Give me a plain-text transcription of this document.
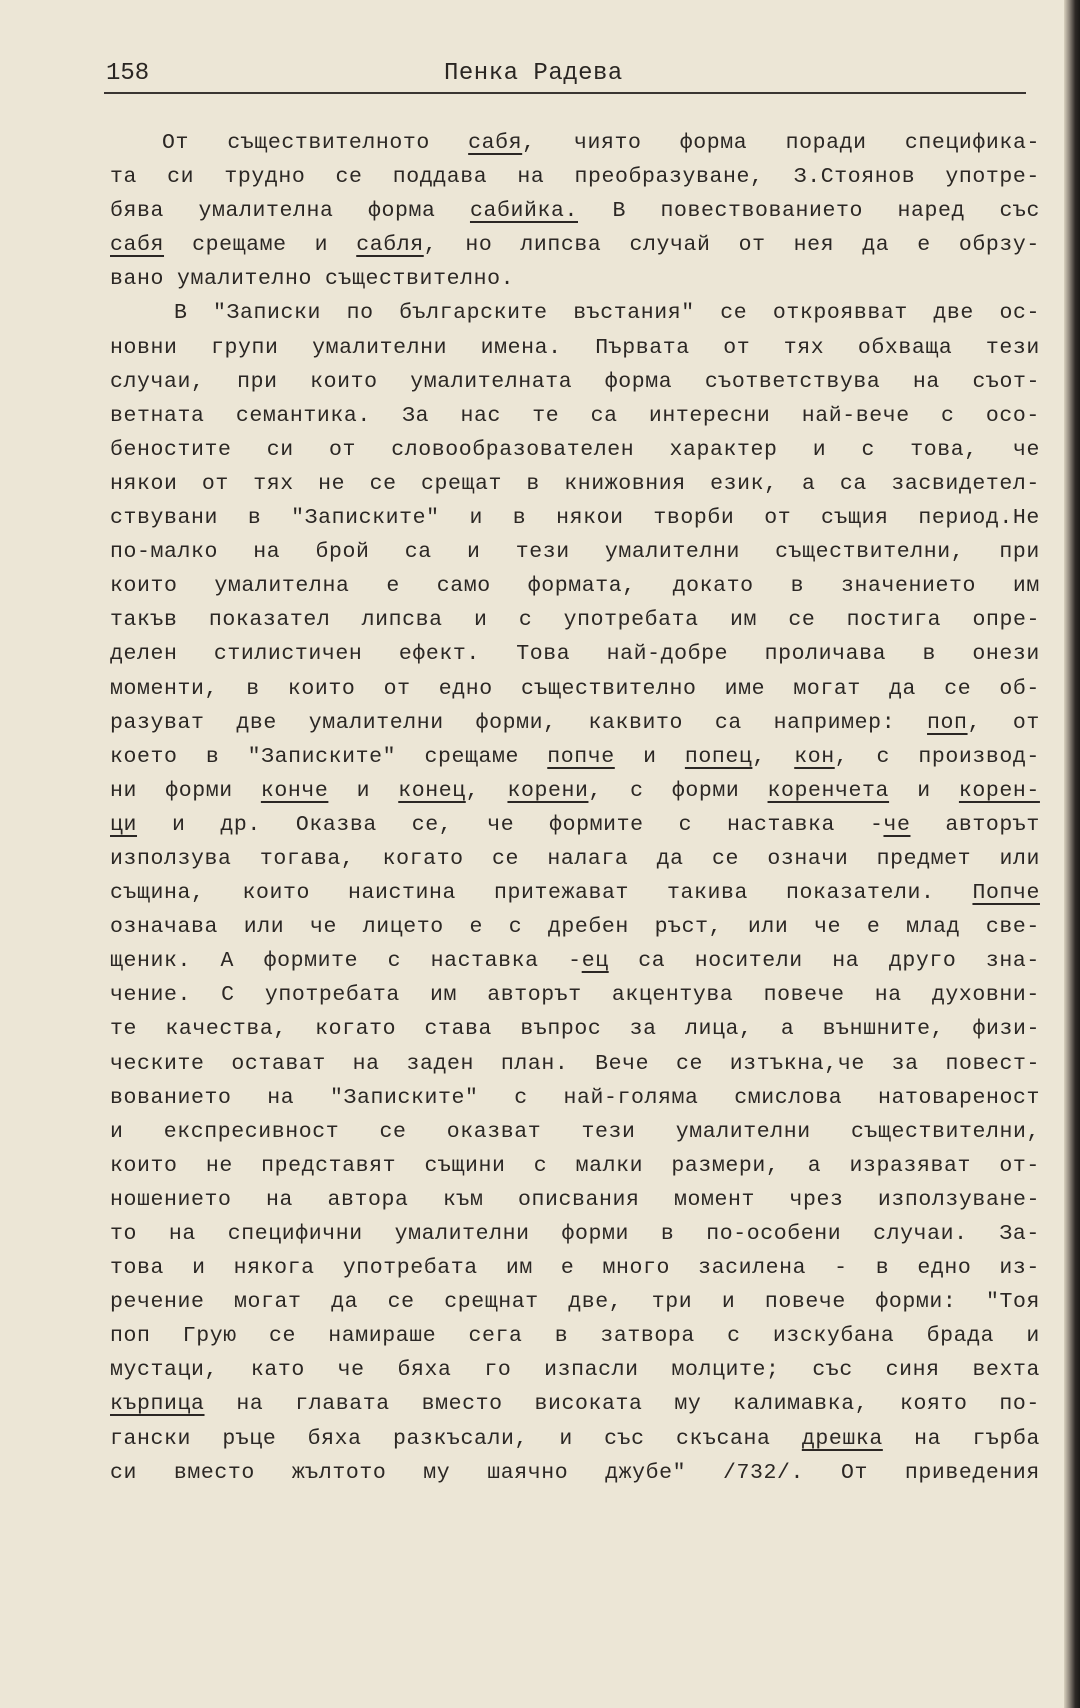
158	Пенка Радева
От съществителното сабя, чиято форма поради специфика-
та си трудно се поддава на преобразуване, З.Стоянов употре-
бява умалителна форма сабийка. В повествованието наред със
сабя срещаме и сабля, но липсва случай от нея да е обрзу-
вано умалително съществително.
В "Записки по българските въстания" се откроявват две ос-
новни групи умалителни имена. Първата от тях обхваща тези
случаи, при които умалителната форма съответствува на съот-
ветната семантика. За нас те са интересни най-вече с осо-
беностите си от словообразователен характер и с това, че
някои от тях не се срещат в книжовния език, а са засвидетел-
ствувани в "Записките" и в някои творби от същия период.Не
по-малко на брой са и тези умалителни съществителни, при
които умалителна е само формата, докато в значението им
такъв показател липсва и с употребата им се постига опре-
делен стилистичен ефект. Това най-добре проличава в онези
моменти, в които от едно съществително име могат да се об-
разуват две умалителни форми, каквито са например: поп, от
което в "Записките" срещаме попче и попец, кон, с производ-
ни форми конче и конец, корени, с форми коренчета и корен-
ци и др. Оказва се, че формите с наставка -че авторът
използува тогава, когато се налага да се означи предмет или
същина, които наистина притежават такива показатели. Попче
означава или че лицето е с дребен ръст, или че е млад све-
щеник. А формите с наставка -ец са носители на друго зна-
чение. С употребата им авторът акцентува повече на духовни-
те качества, когато става въпрос за лица, а външните, физи-
ческите остават на заден план. Вече се изтъкна,че за повест-
вованието на "Записките" с най-голяма смислова натовареност
и експресивност се оказват тези умалителни съществителни,
които не представят същини с малки размери, а изразяват от-
ношението на автора към описвания момент чрез използуване-
то на специфични умалителни форми в по-особени случаи. За-
това и някога употребата им е много засилена - в едно из-
речение могат да се срещнат две, три и повече форми: "Тоя
поп Грую се намираше сега в затвора с изскубана брада и
мустаци, като че бяха го изпасли молците; със синя вехта
кърпица на главата вместо високата му калимавка, която по-
гански ръце бяха разкъсали, и със скъсана дрешка на гърба
си вместо жълтото му шаячно джубе" /732/. От приведения
